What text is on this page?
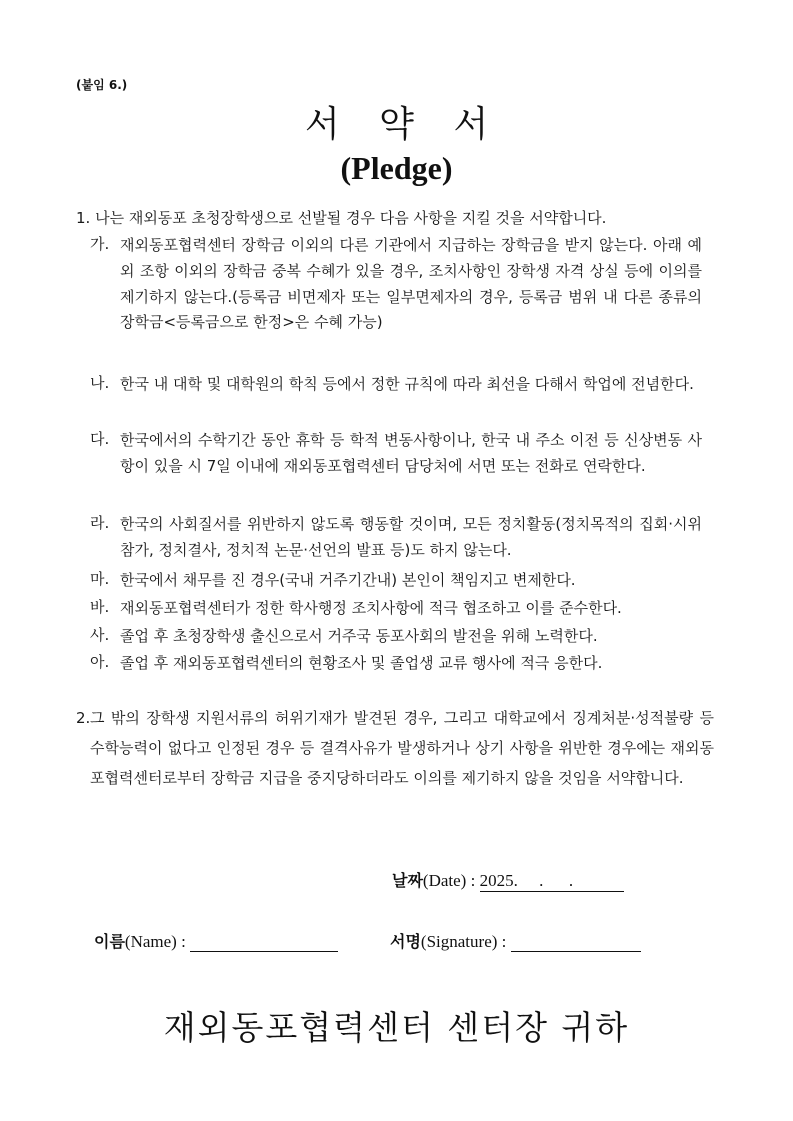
(붙임 6.)
서 약 서
(Pledge)
1. 나는 재외동포 초청장학생으로 선발될 경우 다음 사항을 지킬 것을 서약합니다.
가. 재외동포협력센터 장학금 이외의 다른 기관에서 지급하는 장학금을 받지 않는다. 아래 예외 조항 이외의 장학금 중복 수혜가 있을 경우, 조치사항인 장학생 자격 상실 등에 이의를 제기하지 않는다.(등록금 비면제자 또는 일부면제자의 경우, 등록금 범위 내 다른 종류의 장학금<등록금으로 한정>은 수혜 가능)
나. 한국 내 대학 및 대학원의 학칙 등에서 정한 규칙에 따라 최선을 다해서 학업에 전념한다.
다. 한국에서의 수학기간 동안 휴학 등 학적 변동사항이나, 한국 내 주소 이전 등 신상변동 사항이 있을 시 7일 이내에 재외동포협력센터 담당처에 서면 또는 전화로 연락한다.
라. 한국의 사회질서를 위반하지 않도록 행동할 것이며, 모든 정치활동(정치목적의 집회·시위 참가, 정치결사, 정치적 논문·선언의 발표 등)도 하지 않는다.
마. 한국에서 채무를 진 경우(국내 거주기간내) 본인이 책임지고 변제한다.
바. 재외동포협력센터가 정한 학사행정 조치사항에 적극 협조하고 이를 준수한다.
사. 졸업 후 초청장학생 출신으로서 거주국 동포사회의 발전을 위해 노력한다.
아. 졸업 후 재외동포협력센터의 현황조사 및 졸업생 교류 행사에 적극 응한다.
2. 그 밖의 장학생 지원서류의 허위기재가 발견된 경우, 그리고 대학교에서 징계처분·성적불량 등 수학능력이 없다고 인정된 경우 등 결격사유가 발생하거나 상기 사항을 위반한 경우에는 재외동포협력센터로부터 장학금 지급을 중지당하더라도 이의를 제기하지 않을 것임을 서약합니다.
날짜(Date) : 2025.     .      .
이름(Name) :	서명(Signature) :
재외동포협력센터 센터장 귀하
